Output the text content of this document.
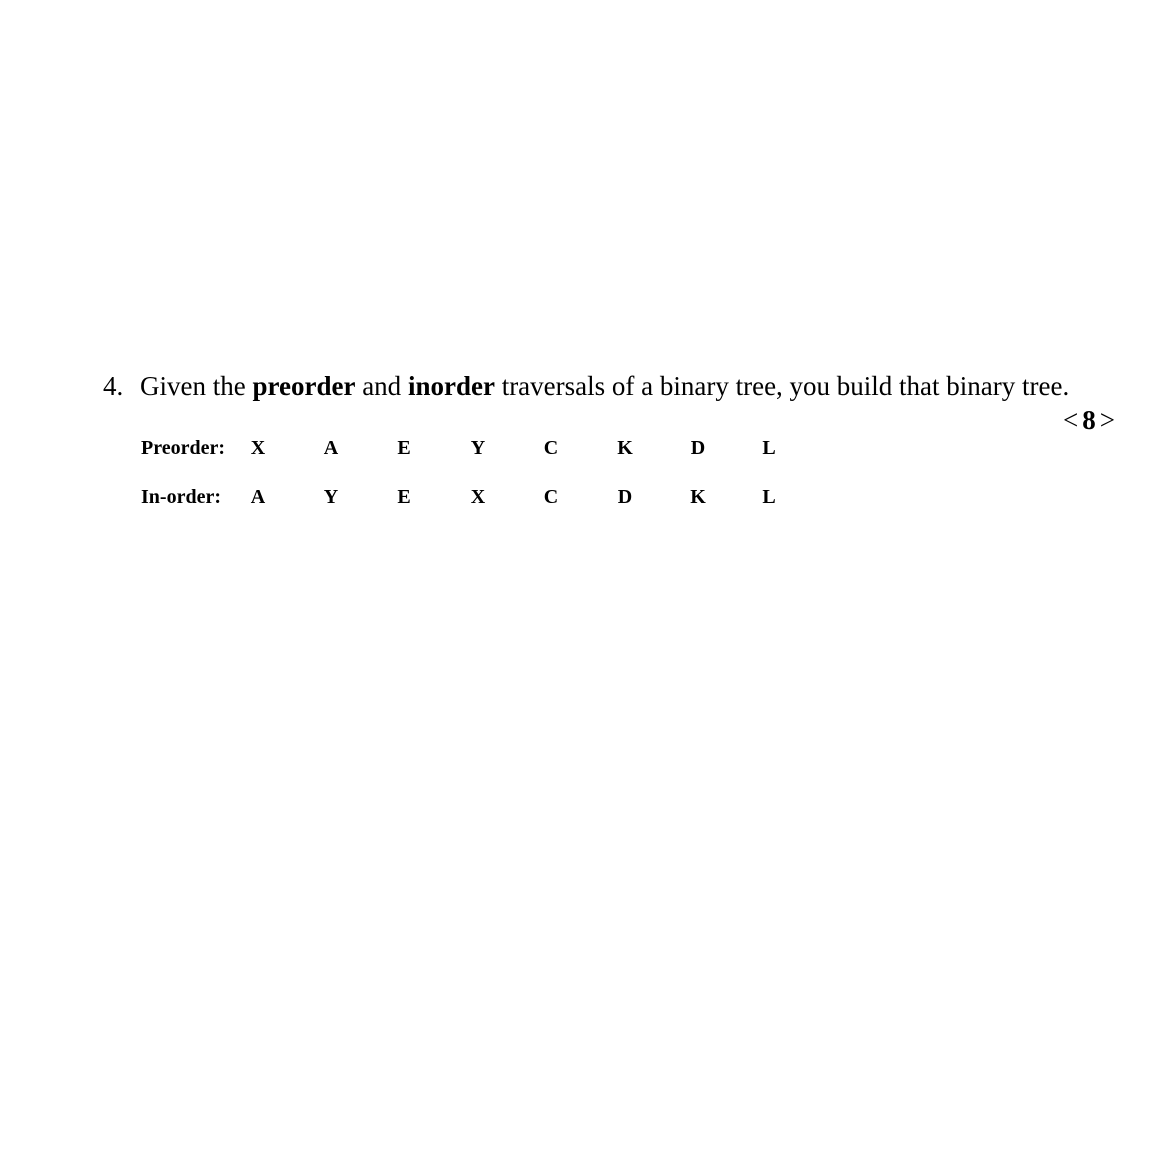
4. Given the preorder and inorder traversals of a binary tree, you build that binary tree.
< 8 >
Preorder: X	A	E	Y	C	K	D	L
In-order: A	Y	E	X	C	D	K	L
